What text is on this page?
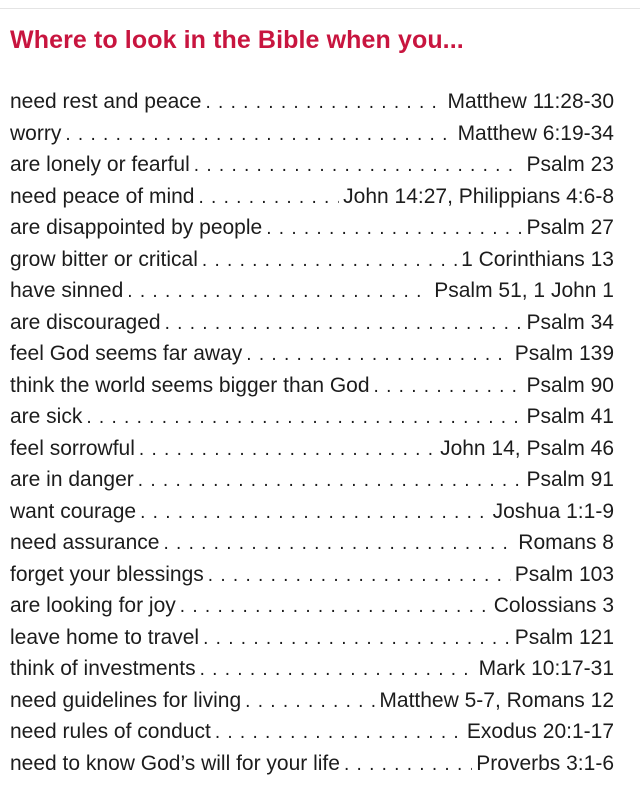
Where to look in the Bible when you...
need rest and peace . . .	Matthew 11:28-30
worry . . .	Matthew 6:19-34
are lonely or fearful . . .	Psalm 23
need peace of mind . . .	John 14:27, Philippians 4:6-8
are disappointed by people . . .	Psalm 27
grow bitter or critical . . .	1 Corinthians 13
have sinned . . .	Psalm 51, 1 John 1
are discouraged . . .	Psalm 34
feel God seems far away . . .	Psalm 139
think the world seems bigger than God . . .	Psalm 90
are sick . . .	Psalm 41
feel sorrowful . . .	John 14, Psalm 46
are in danger . . .	Psalm 91
want courage . . .	Joshua 1:1-9
need assurance . . .	Romans 8
forget your blessings . . .	Psalm 103
are looking for joy . . .	Colossians 3
leave home to travel . . .	Psalm 121
think of investments . . .	Mark 10:17-31
need guidelines for living . . .	Matthew 5-7, Romans 12
need rules of conduct . . .	Exodus 20:1-17
need to know God’s will for your life . . .	Proverbs 3:1-6
